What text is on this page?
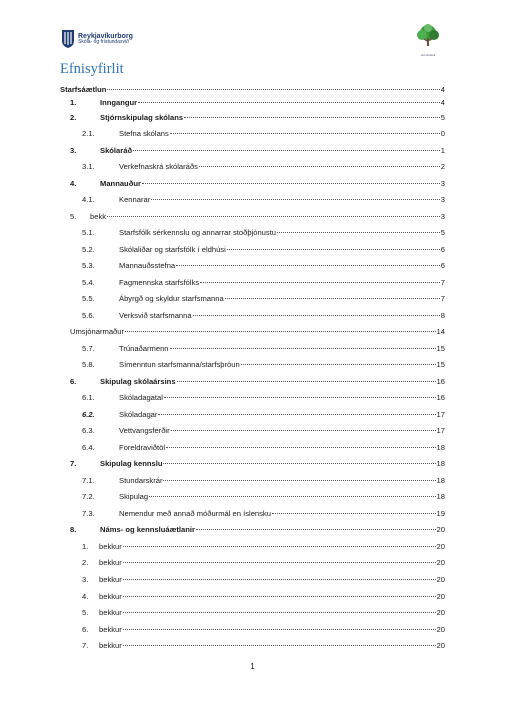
Reykjavíkurborg
Skóla- og frístundasvið
Grunnskóli
Efnisyfirlit
Starfsáætlun	4
1.	Inngangur	4
2.	Stjórnskipulag skólans	5
2.1.	Stefna skólans	0
3.	Skólaráð	1
3.1.	Verkefnaskrá skólaráðs	2
4.	Mannauður	3
4.1.	Kennarar	3
5.	bekk	3
5.1.	Starfsfólk sérkennslu og annarrar stoðþjónustu	5
5.2.	Skólaliðar og starfsfólk í eldhúsi	6
5.3.	Mannauðsstefna	6
5.4.	Fagmennska starfsfólks	7
5.5.	Ábyrgð og skyldur starfsmanna	7
5.6.	Verksvið starfsmanna	8
Umsjónarmaður	14
5.7.	Trúnaðarmenn	15
5.8.	Símenntun starfsmanna/starfsþróun	15
6.	Skipulag skólaársins	16
6.1.	Skóladagatal	16
6.2.	Skóladagar	17
6.3.	Vettvangsferðir	17
6.4.	Foreldraviðtöl	18
7.	Skipulag kennslu	18
7.1.	Stundarskrár	18
7.2.	Skipulag	18
7.3.	Nemendur með annað móðurmál en íslensku	19
8.	Náms- og kennsluáætlanir	20
1.	bekkur	20
2.	bekkur	20
3.	bekkur	20
4.	bekkur	20
5.	bekkur	20
6.	bekkur	20
7.	bekkur	20
1
